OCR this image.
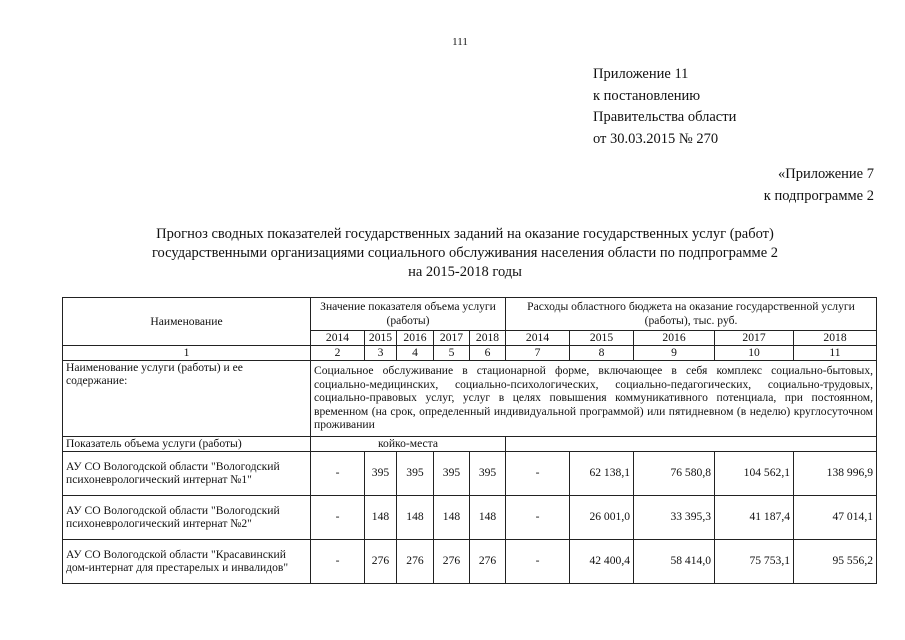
111
Приложение 11
к постановлению
Правительства области
от 30.03.2015 № 270
«Приложение 7
к подпрограмме 2
Прогноз сводных показателей государственных заданий на оказание государственных услуг (работ)
государственными организациями социального обслуживания населения области по подпрограмме 2
на 2015-2018 годы
Наименование	Значение показателя объема услуги (работы)					Расходы областного бюджета на оказание государственной услуги (работы), тыс. руб.				
	2014	2015	2016	2017	2018	2014	2015	2016	2017	2018
1	2	3	4	5	6	7	8	9	10	11
Наименование услуги (работы) и ее содержание:	Социальное обслуживание в стационарной форме, включающее в себя комплекс социально-бытовых, социально-медицинских, социально-психологических, социально-педагогических, социально-трудовых, социально-правовых услуг, услуг в целях повышения коммуникативного потенциала, при постоянном, временном (на срок, определенный индивидуальной программой) или пятидневном (в неделю) круглосуточном проживании									
Показатель объема услуги (работы)	койко-места									
АУ СО Вологодской области "Вологодский психоневрологический интернат №1"	-	395	395	395	395	-	62 138,1	76 580,8	104 562,1	138 996,9
АУ СО Вологодской области "Вологодский психоневрологический интернат №2"	-	148	148	148	148	-	26 001,0	33 395,3	41 187,4	47 014,1
АУ СО Вологодской области "Красавинский дом-интернат для престарелых и инвалидов"	-	276	276	276	276	-	42 400,4	58 414,0	75 753,1	95 556,2
